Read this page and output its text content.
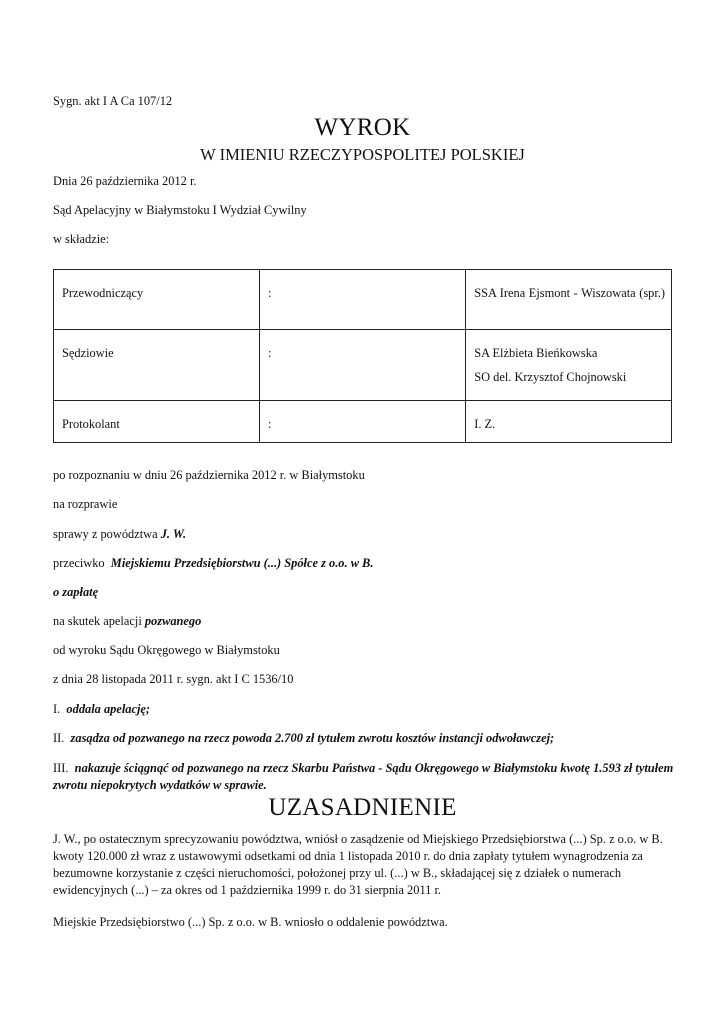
Sygn. akt I A Ca 107/12
WYROK
W IMIENIU RZECZYPOSPOLITEJ POLSKIEJ
Dnia 26 października 2012 r.
Sąd Apelacyjny w Białymstoku I Wydział Cywilny
w składzie:
Przewodniczący	:	SSA Irena Ejsmont - Wiszowata (spr.)

Sędziowie	:	SA Elżbieta Bieńkowska
SO del. Krzysztof Chojnowski

Protokolant	:	I. Z.
po rozpoznaniu w dniu 26 października 2012 r. w Białymstoku
na rozprawie
sprawy z powództwa J. W.
przeciwko  Miejskiemu Przedsiębiorstwu (...) Spółce z o.o. w B.
o zapłatę
na skutek apelacji pozwanego
od wyroku Sądu Okręgowego w Białymstoku
z dnia 28 listopada 2011 r. sygn. akt I C 1536/10
I.  oddala apelację;
II.  zasądza od pozwanego na rzecz powoda 2.700 zł tytułem zwrotu kosztów instancji odwoławczej;
III.  nakazuje ściągnąć od pozwanego na rzecz Skarbu Państwa - Sądu Okręgowego w Białymstoku kwotę 1.593 zł tytułem zwrotu niepokrytych wydatków w sprawie.
UZASADNIENIE
J. W., po ostatecznym sprecyzowaniu powództwa, wniósł o zasądzenie od Miejskiego Przedsiębiorstwa (...) Sp. z o.o. w B. kwoty 120.000 zł wraz z ustawowymi odsetkami od dnia 1 listopada 2010 r. do dnia zapłaty tytułem wynagrodzenia za bezumowne korzystanie z części nieruchomości, położonej przy ul. (...) w B., składającej się z działek o numerach ewidencyjnych (...) – za okres od 1 października 1999 r. do 31 sierpnia 2011 r.
Miejskie Przedsiębiorstwo (...) Sp. z o.o. w B. wniosło o oddalenie powództwa.
